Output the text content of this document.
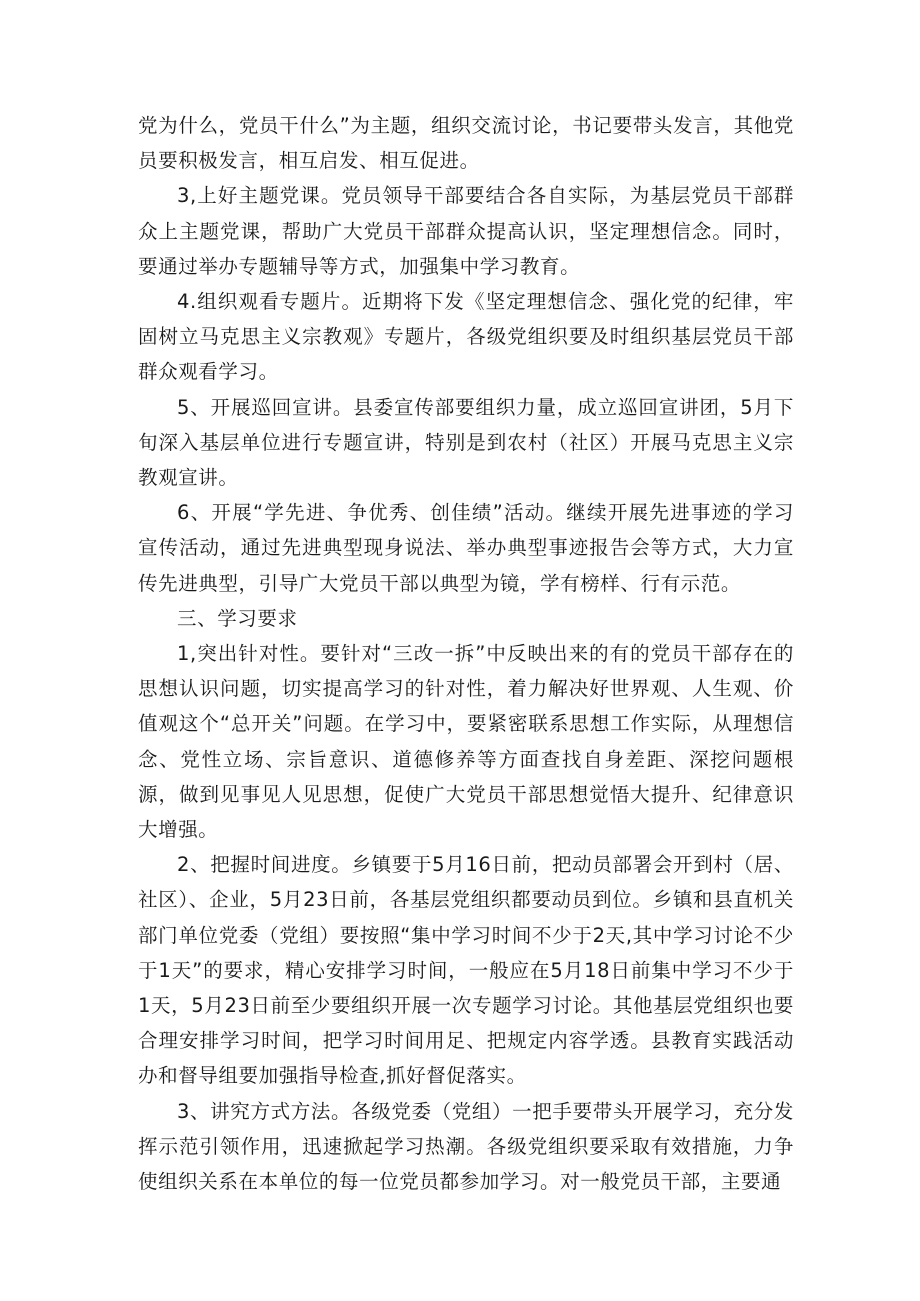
党为什么，党员干什么”为主题，组织交流讨论，书记要带头发言，其他党员要积极发言，相互启发、相互促进。

3,上好主题党课。党员领导干部要结合各自实际，为基层党员干部群众上主题党课，帮助广大党员干部群众提高认识，坚定理想信念。同时，要通过举办专题辅导等方式，加强集中学习教育。

4.组织观看专题片。近期将下发《坚定理想信念、强化党的纪律，牢固树立马克思主义宗教观》专题片，各级党组织要及时组织基层党员干部群众观看学习。

5、开展巡回宣讲。县委宣传部要组织力量，成立巡回宣讲团，5月下旬深入基层单位进行专题宣讲，特别是到农村（社区）开展马克思主义宗教观宣讲。

6、开展“学先进、争优秀、创佳绩”活动。继续开展先进事迹的学习宣传活动，通过先进典型现身说法、举办典型事迹报告会等方式，大力宣传先进典型，引导广大党员干部以典型为镜，学有榜样、行有示范。

三、学习要求

1,突出针对性。要针对“三改一拆”中反映出来的有的党员干部存在的思想认识问题，切实提高学习的针对性，着力解决好世界观、人生观、价值观这个“总开关”问题。在学习中，要紧密联系思想工作实际，从理想信念、党性立场、宗旨意识、道德修养等方面查找自身差距、深挖问题根源，做到见事见人见思想，促使广大党员干部思想觉悟大提升、纪律意识大增强。

2、把握时间进度。乡镇要于5月16日前，把动员部署会开到村（居、社区）、企业，5月23日前，各基层党组织都要动员到位。乡镇和县直机关部门单位党委（党组）要按照“集中学习时间不少于2天,其中学习讨论不少于1天”的要求，精心安排学习时间，一般应在5月18日前集中学习不少于1天，5月23日前至少要组织开展一次专题学习讨论。其他基层党组织也要合理安排学习时间，把学习时间用足、把规定内容学透。县教育实践活动办和督导组要加强指导检查,抓好督促落实。

3、讲究方式方法。各级党委（党组）一把手要带头开展学习，充分发挥示范引领作用，迅速掀起学习热潮。各级党组织要采取有效措施，力争使组织关系在本单位的每一位党员都参加学习。对一般党员干部，主要通
